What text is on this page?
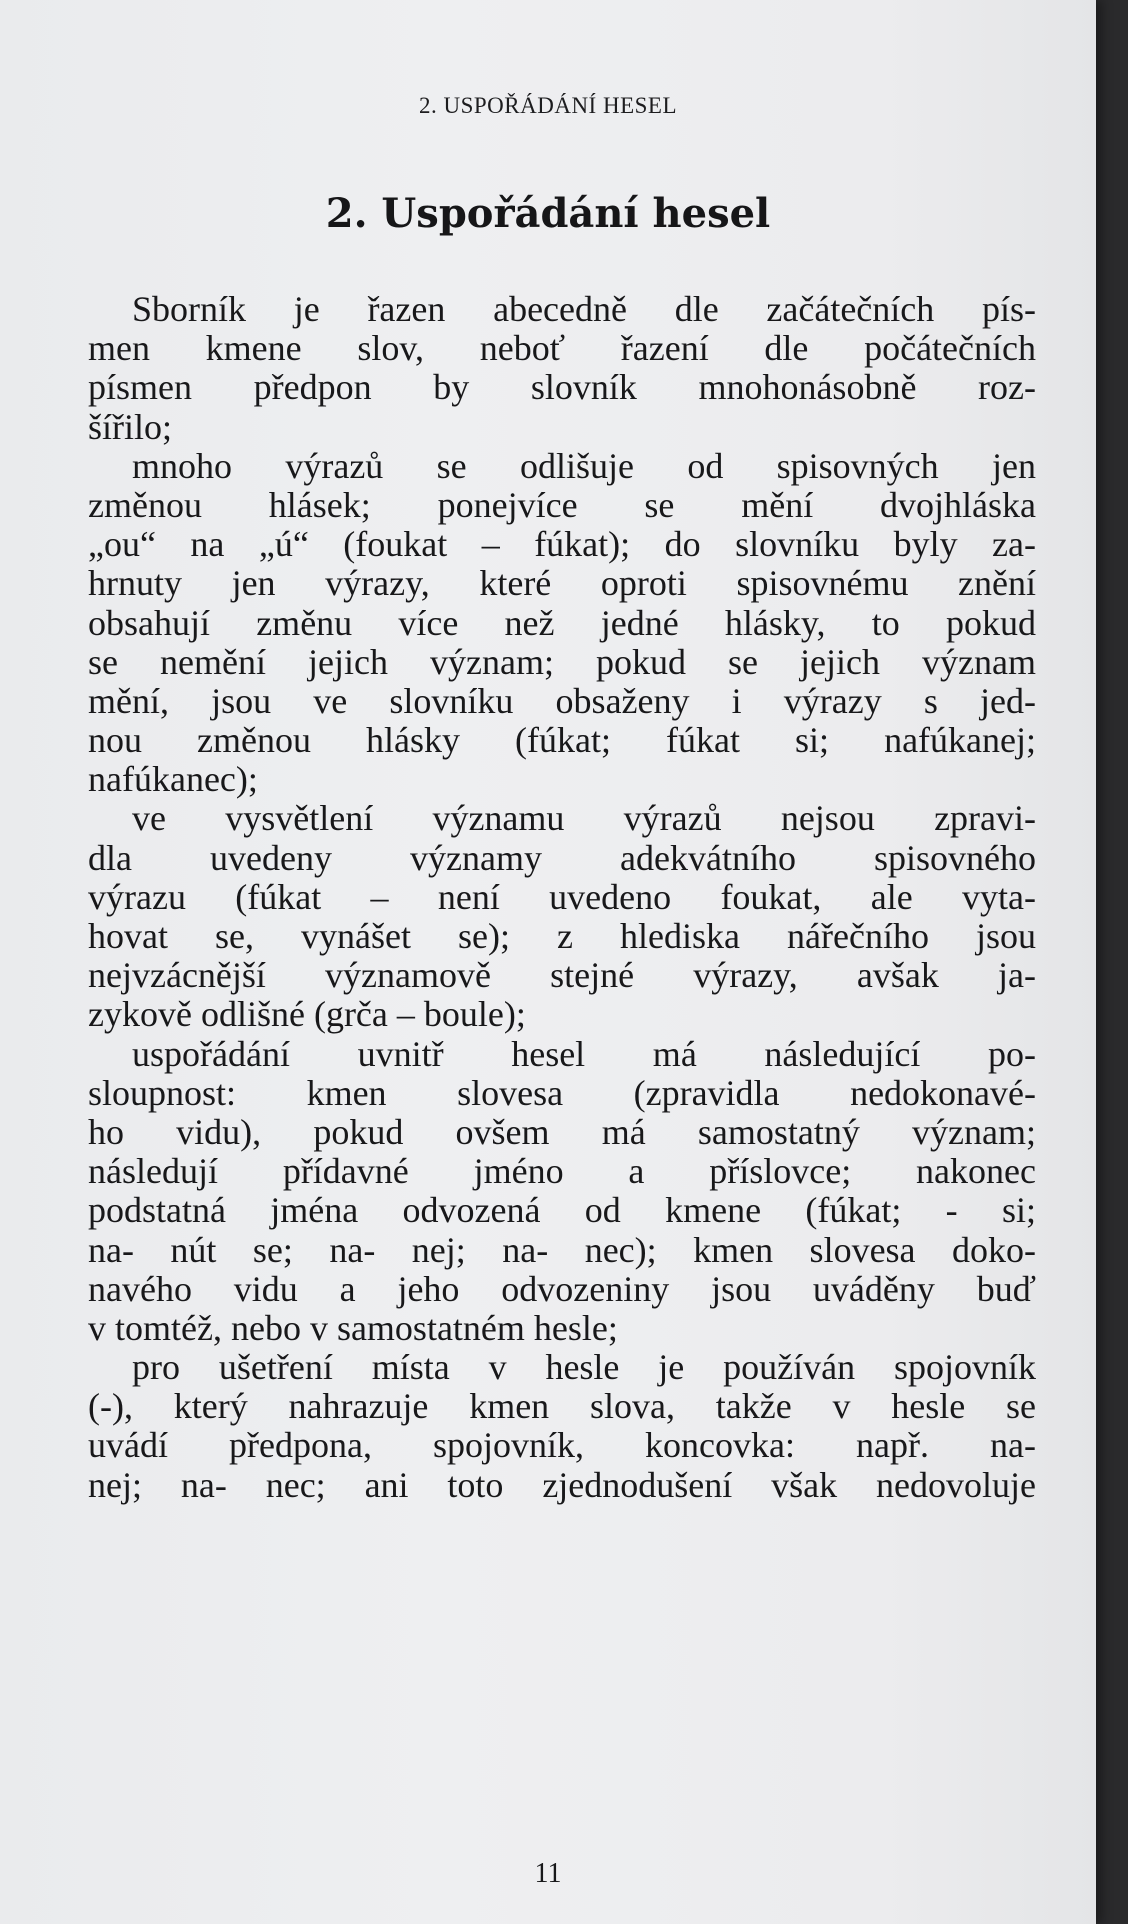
2. USPOŘÁDÁNÍ HESEL
2. Uspořádání hesel
Sborník je řazen abecedně dle začátečních pís-
men kmene slov, neboť řazení dle počátečních
písmen předpon by slovník mnohonásobně roz-
šířilo;
mnoho výrazů se odlišuje od spisovných jen
změnou hlásek; ponejvíce se mění dvojhláska
„ou“ na „ú“ (foukat – fúkat); do slovníku byly za-
hrnuty jen výrazy, které oproti spisovnému znění
obsahují změnu více než jedné hlásky, to pokud
se nemění jejich význam; pokud se jejich význam
mění, jsou ve slovníku obsaženy i výrazy s jed-
nou změnou hlásky (fúkat; fúkat si; nafúkanej;
nafúkanec);
ve vysvětlení významu výrazů nejsou zpravi-
dla uvedeny významy adekvátního spisovného
výrazu (fúkat – není uvedeno foukat, ale vyta-
hovat se, vynášet se); z hlediska nářečního jsou
nejvzácnější významově stejné výrazy, avšak ja-
zykově odlišné (grča – boule);
uspořádání uvnitř hesel má následující po-
sloupnost: kmen slovesa (zpravidla nedokonavé-
ho vidu), pokud ovšem má samostatný význam;
následují přídavné jméno a příslovce; nakonec
podstatná jména odvozená od kmene (fúkat; - si;
na- nút se; na- nej; na- nec); kmen slovesa doko-
navého vidu a jeho odvozeniny jsou uváděny buď
v tomtéž, nebo v samostatném hesle;
pro ušetření místa v hesle je používán spojovník
(-), který nahrazuje kmen slova, takže v hesle se
uvádí předpona, spojovník, koncovka: např. na-
nej; na- nec; ani toto zjednodušení však nedovoluje
11
